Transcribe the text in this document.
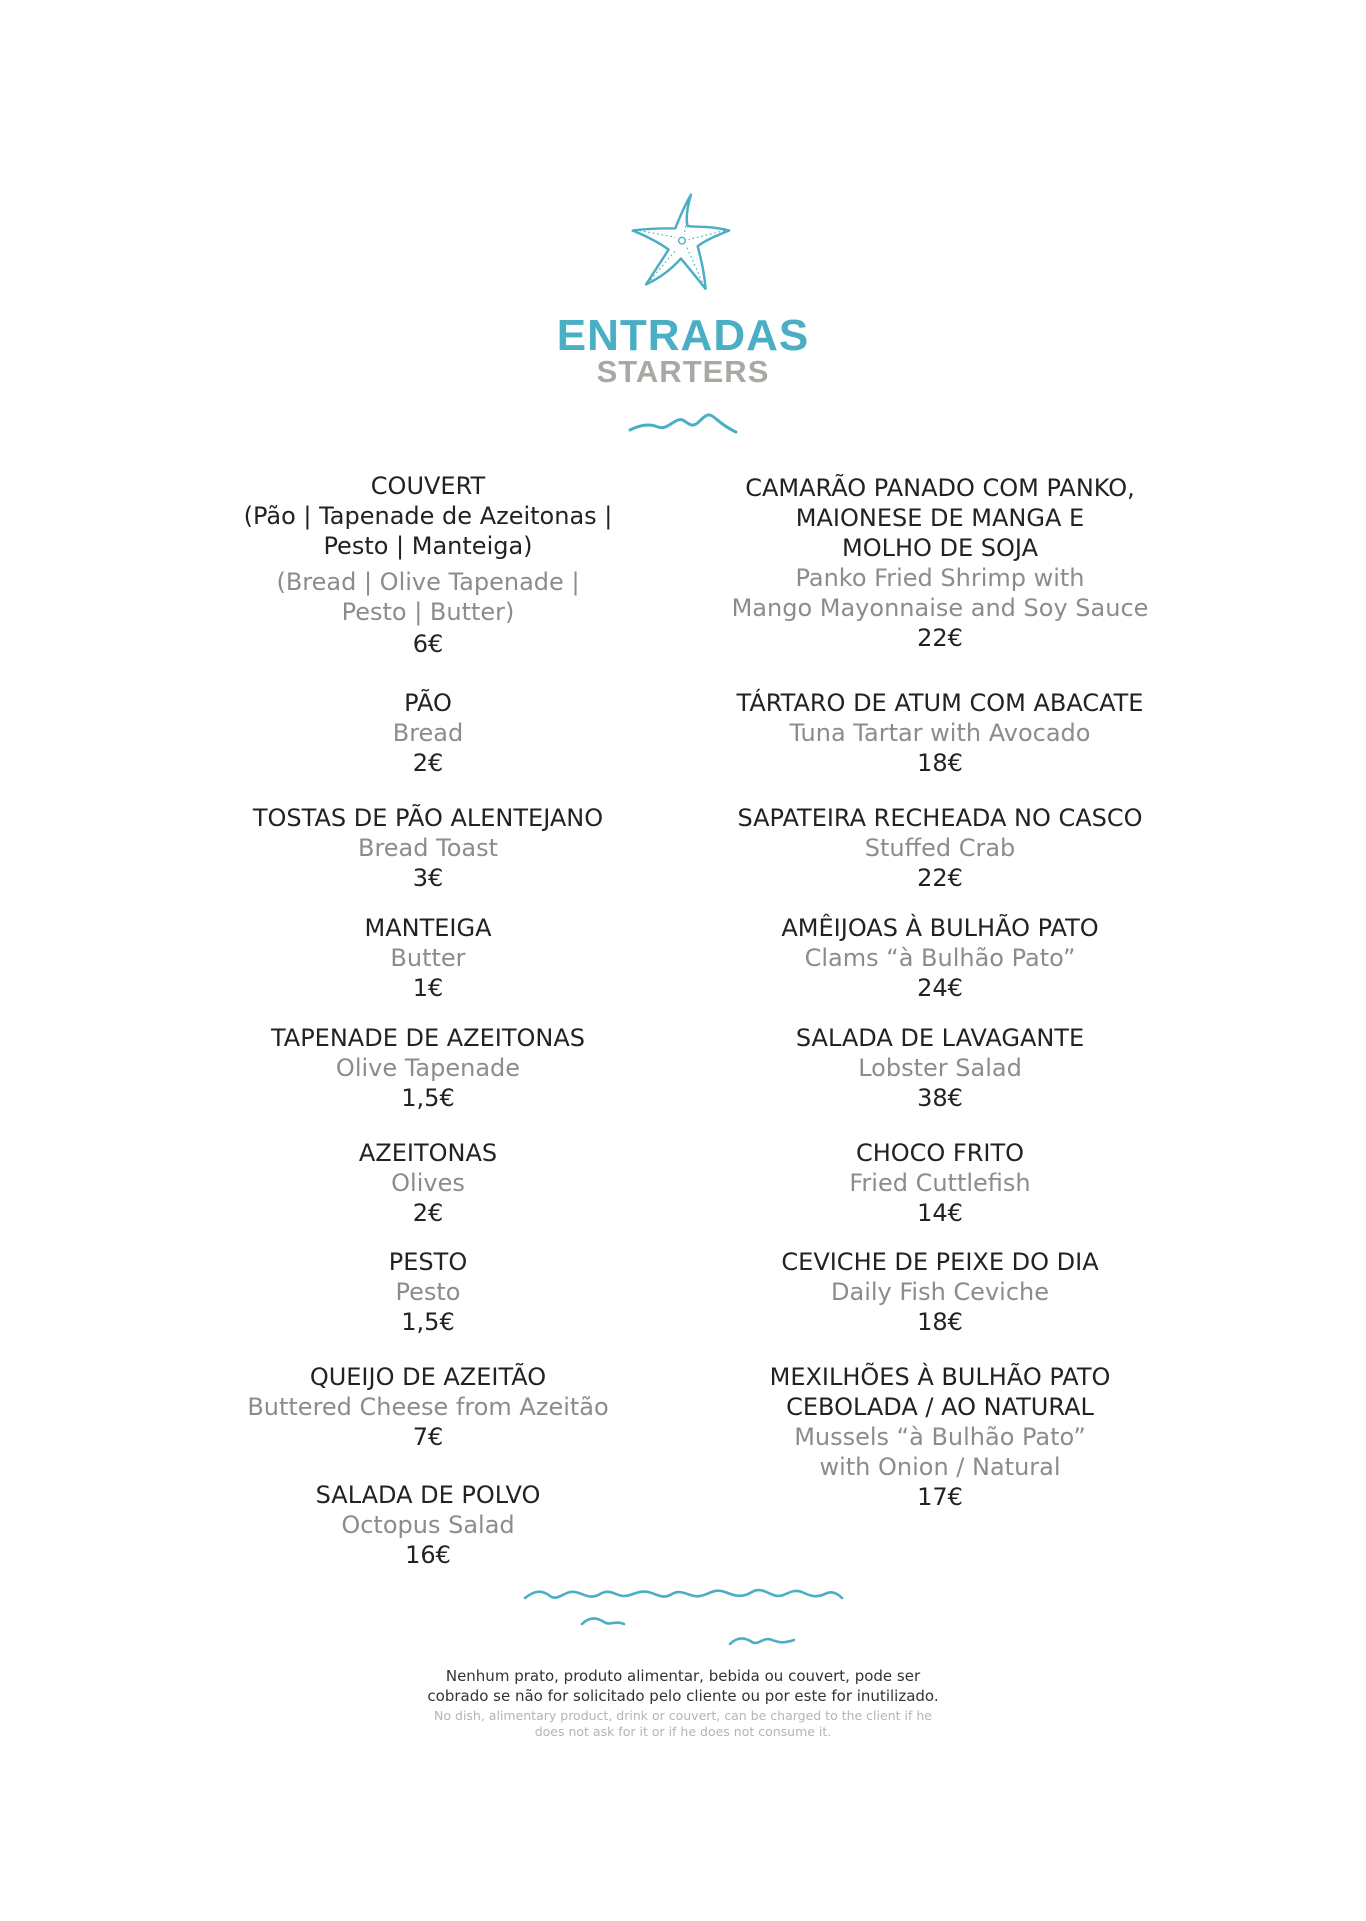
ENTRADAS
STARTERS
COUVERT
(Pão | Tapenade de Azeitonas |
Pesto | Manteiga)
(Bread | Olive Tapenade |
Pesto | Butter)
6€
PÃO
Bread
2€
TOSTAS DE PÃO ALENTEJANO
Bread Toast
3€
MANTEIGA
Butter
1€
TAPENADE DE AZEITONAS
Olive Tapenade
1,5€
AZEITONAS
Olives
2€
PESTO
Pesto
1,5€
QUEIJO DE AZEITÃO
Buttered Cheese from Azeitão
7€
SALADA DE POLVO
Octopus Salad
16€
CAMARÃO PANADO COM PANKO,
MAIONESE DE MANGA E
MOLHO DE SOJA
Panko Fried Shrimp with
Mango Mayonnaise and Soy Sauce
22€
TÁRTARO DE ATUM COM ABACATE
Tuna Tartar with Avocado
18€
SAPATEIRA RECHEADA NO CASCO
Stuffed Crab
22€
AMÊIJOAS À BULHÃO PATO
Clams “à Bulhão Pato”
24€
SALADA DE LAVAGANTE
Lobster Salad
38€
CHOCO FRITO
Fried Cuttlefish
14€
CEVICHE DE PEIXE DO DIA
Daily Fish Ceviche
18€
MEXILHÕES À BULHÃO PATO
CEBOLADA / AO NATURAL
Mussels “à Bulhão Pato”
with Onion / Natural
17€
Nenhum prato, produto alimentar, bebida ou couvert, pode ser
cobrado se não for solicitado pelo cliente ou por este for inutilizado.
No dish, alimentary product, drink or couvert, can be charged to the client if he
does not ask for it or if he does not consume it.
